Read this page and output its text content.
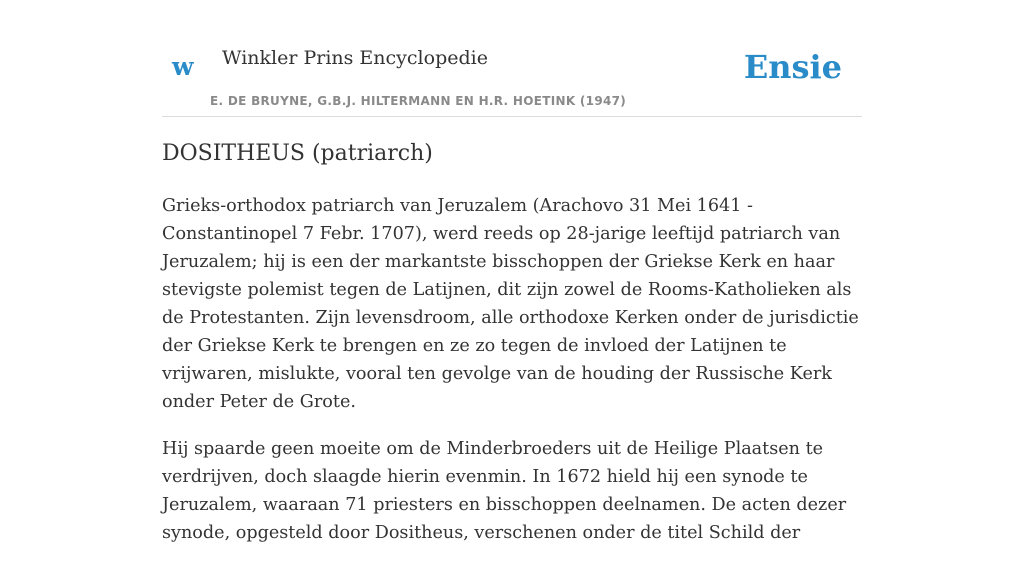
w Winkler Prins Encyclopedie
E. DE BRUYNE, G.B.J. HILTERMANN EN H.R. HOETINK (1947)
Ensie
DOSITHEUS (patriarch)

Grieks-orthodox patriarch van Jeruzalem (Arachovo 31 Mei 1641 - Constantinopel 7 Febr. 1707), werd reeds op 28-jarige leeftijd patriarch van Jeruzalem; hij is een der markantste bisschoppen der Griekse Kerk en haar stevigste polemist tegen de Latijnen, dit zijn zowel de Rooms-Katholieken als de Protestanten. Zijn levensdroom, alle orthodoxe Kerken onder de jurisdictie der Griekse Kerk te brengen en ze zo tegen de invloed der Latijnen te vrijwaren, mislukte, vooral ten gevolge van de houding der Russische Kerk onder Peter de Grote.

Hij spaarde geen moeite om de Minderbroeders uit de Heilige Plaatsen te verdrijven, doch slaagde hierin evenmin. In 1672 hield hij een synode te Jeruzalem, waaraan 71 priesters en bisschoppen deelnamen. De acten dezer synode, opgesteld door Dositheus, verschenen onder de titel Schild der
